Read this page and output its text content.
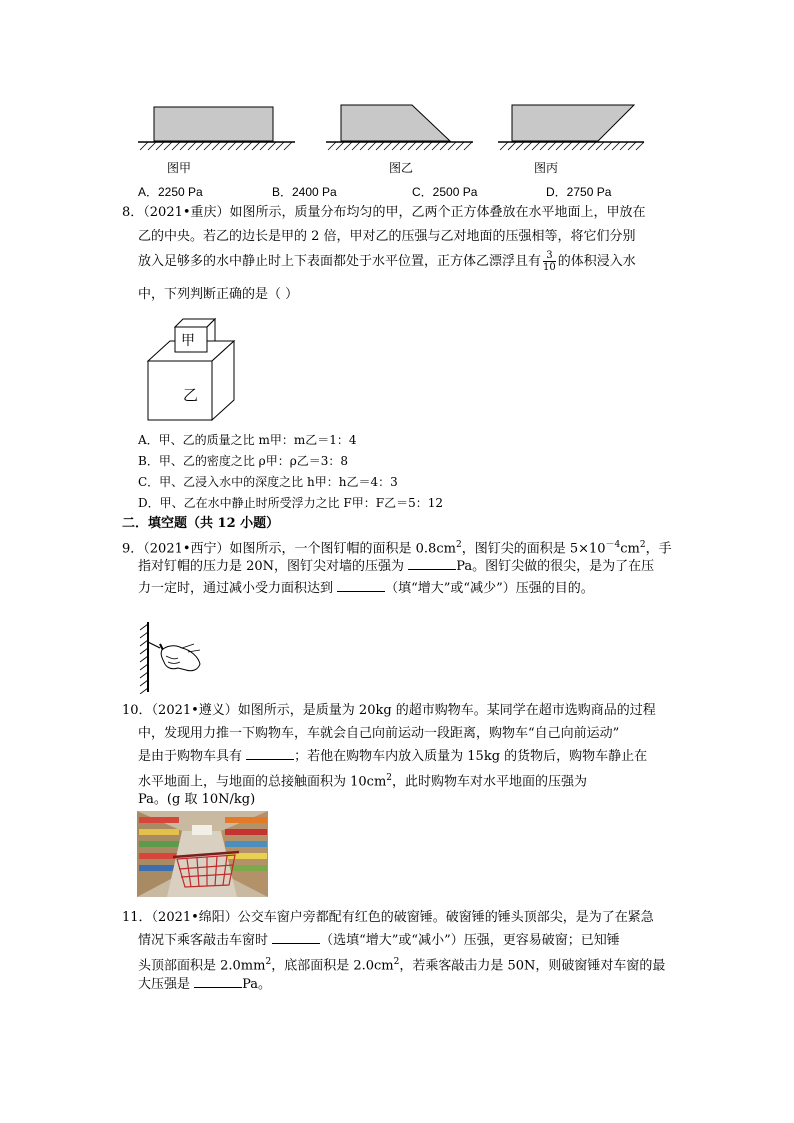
图甲	图乙	图丙
A．2250 Pa	B．2400 Pa	C．2500 Pa	D．2750 Pa
8．（2021•重庆）如图所示，质量分布均匀的甲，乙两个正方体叠放在水平地面上，甲放在
乙的中央。若乙的边长是甲的 2 倍，甲对乙的压强与乙对地面的压强相等，将它们分别
放入足够多的水中静止时上下表面都处于水平位置，正方体乙漂浮且有 $\frac{3}{10}$ 的体积浸入水
中，下列判断正确的是（ ）
甲
乙
A．甲、乙的质量之比 m甲：m乙＝1：4
B．甲、乙的密度之比 ρ甲：ρ乙＝3：8
C．甲、乙浸入水中的深度之比 h甲：h乙＝4：3
D．甲、乙在水中静止时所受浮力之比 F甲：F乙＝5：12
二．填空题（共 12 小题）
9．（2021•西宁）如图所示，一个图钉帽的面积是 $0.8cm^2$，图钉尖的面积是 $5\times 10^{-4}cm^2$，手
指对钉帽的压力是 20N，图钉尖对墙的压强为	Pa。图钉尖做的很尖，是为了在压
力一定时，通过减小受力面积达到	（填“增大”或“减少”）压强的目的。
10．（2021•遵义）如图所示，是质量为 20kg 的超市购物车。某同学在超市选购商品的过程
中，发现用力推一下购物车，车就会自己向前运动一段距离，购物车“自己向前运动”
是由于购物车具有	；若他在购物车内放入质量为 15kg 的货物后，购物车静止在
水平地面上，与地面的总接触面积为 $10cm^2$，此时购物车对水平地面的压强为
Pa。(g 取 10N/kg)
11．（2021•绵阳）公交车窗户旁都配有红色的破窗锤。破窗锤的锤头顶部尖，是为了在紧急
情况下乘客敲击车窗时	（选填“增大”或“减小”）压强，更容易破窗；已知锤
头顶部面积是 $2.0mm^2$，底部面积是 $2.0cm^2$，若乘客敲击力是 50N，则破窗锤对车窗的最
大压强是	Pa。
